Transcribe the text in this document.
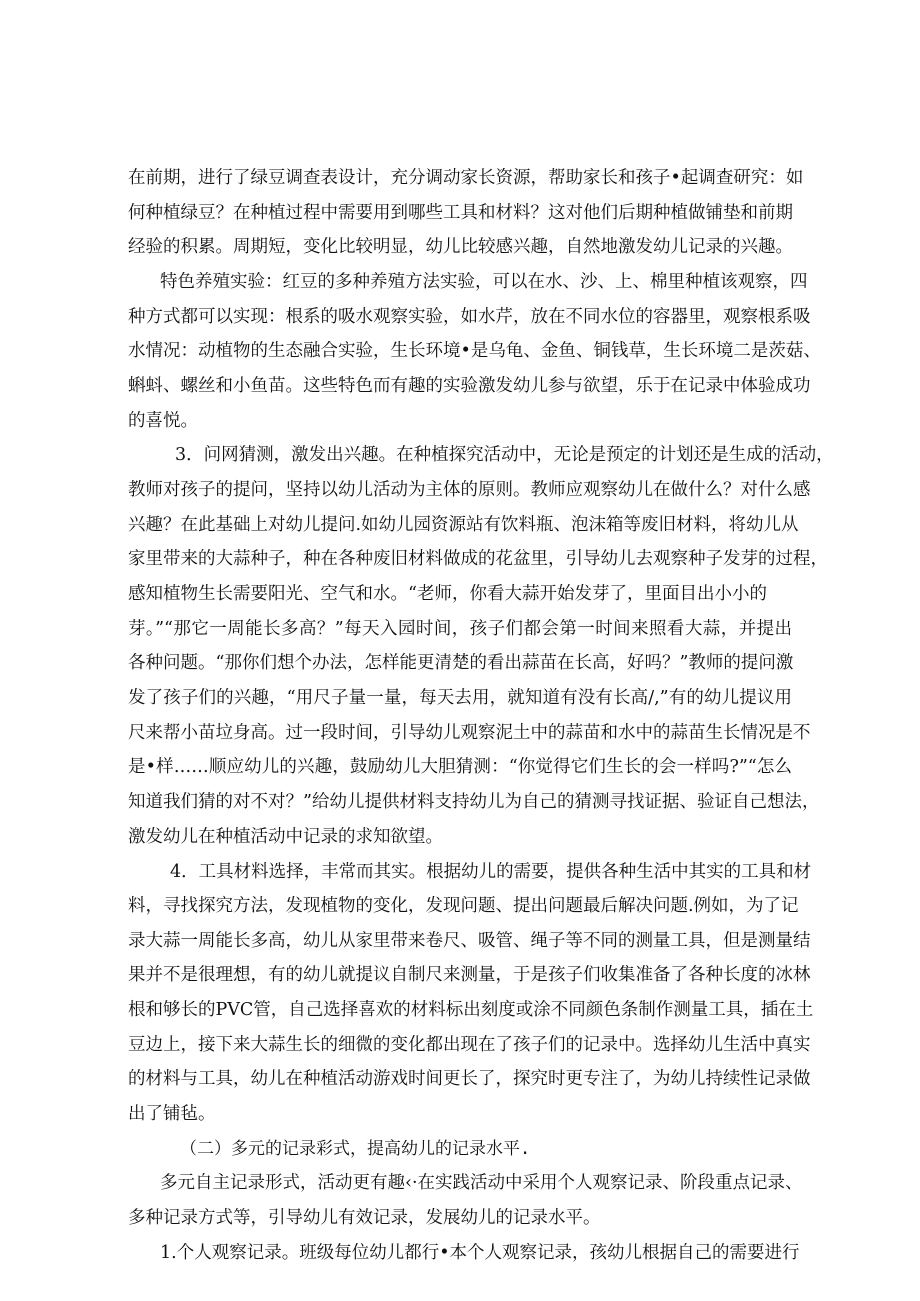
在前期，进行了绿豆调查表设计，充分调动家长资源，帮助家长和孩子•起调查研究：如
何种植绿豆？在种植过程中需要用到哪些工具和材料？这对他们后期种植做铺垫和前期
经验的积累。周期短，变化比较明显，幼儿比较感兴趣，自然地激发幼儿记录的兴趣。
特色养殖实验：红豆的多种养殖方法实验，可以在水、沙、上、棉里种植该观察，四
种方式都可以实现：根系的吸水观察实验，如水芹，放在不同水位的容器里，观察根系吸
水情况：动植物的生态融合实验，生长环境•是乌龟、金鱼、铜钱草，生长环境二是茨菇、
蝌蚪、螺丝和小鱼苗。这些特色而有趣的实验激发幼儿参与欲望，乐于在记录中体验成功
的喜悦。
3．问网猜测，激发出兴趣。在种植探究活动中，无论是预定的计划还是生成的活动，
教师对孩子的提问，坚持以幼儿活动为主体的原则。教师应观察幼儿在做什么？对什么感
兴趣？在此基础上对幼儿提问.如幼儿园资源站有饮料瓶、泡沫箱等废旧材料，将幼儿从
家里带来的大蒜种子，种在各种废旧材料做成的花盆里，引导幼儿去观察种子发芽的过程，
感知植物生长需要阳光、空气和水。“老师，你看大蒜开始发芽了，里面目出小小的
芽。”“那它一周能长多高？”每天入园时间，孩子们都会第一时间来照看大蒜，并提出
各种问题。“那你们想个办法，怎样能更清楚的看出蒜苗在长高，好吗？”教师的提问激
发了孩子们的兴趣，“用尺子量一量，每天去用，就知道有没有长高/,”有的幼儿提议用
尺来帮小苗垃身高。过一段时间，引导幼儿观察泥土中的蒜苗和水中的蒜苗生长情况是不
是•样……顺应幼儿的兴趣，鼓励幼儿大胆猜测：“你觉得它们生长的会一样吗?”“怎么
知道我们猜的对不对？”给幼儿提供材料支持幼儿为自己的猜测寻找证据、验证自己想法，
激发幼儿在种植活动中记录的求知欲望。
4．工具材料选择，丰常而其实。根据幼儿的需要，提供各种生活中其实的工具和材
料，寻找探究方法，发现植物的变化，发现问题、提出问题最后解决问题.例如，为了记
录大蒜一周能长多高，幼儿从家里带来卷尺、吸管、绳子等不同的测量工具，但是测量结
果并不是很理想，有的幼儿就提议自制尺来测量，于是孩子们收集准备了各种长度的冰林
根和够长的PVC管，自己选择喜欢的材料标出刻度或涂不同颜色条制作测量工具，插在土
豆边上，接下来大蒜生长的细微的变化都出现在了孩子们的记录中。选择幼儿生活中真实
的材料与工具，幼儿在种植活动游戏时间更长了，探究时更专注了，为幼儿持续性记录做
出了铺毡。
（二）多元的记录彩式，提高幼儿的记录水平.
多元自主记录形式，活动更有趣‹·在实践活动中采用个人观察记录、阶段重点记录、
多种记录方式等，引导幼儿有效记录，发展幼儿的记录水平。
1.个人观察记录。班级每位幼儿都行•本个人观察记录，孩幼儿根据自己的需要进行
